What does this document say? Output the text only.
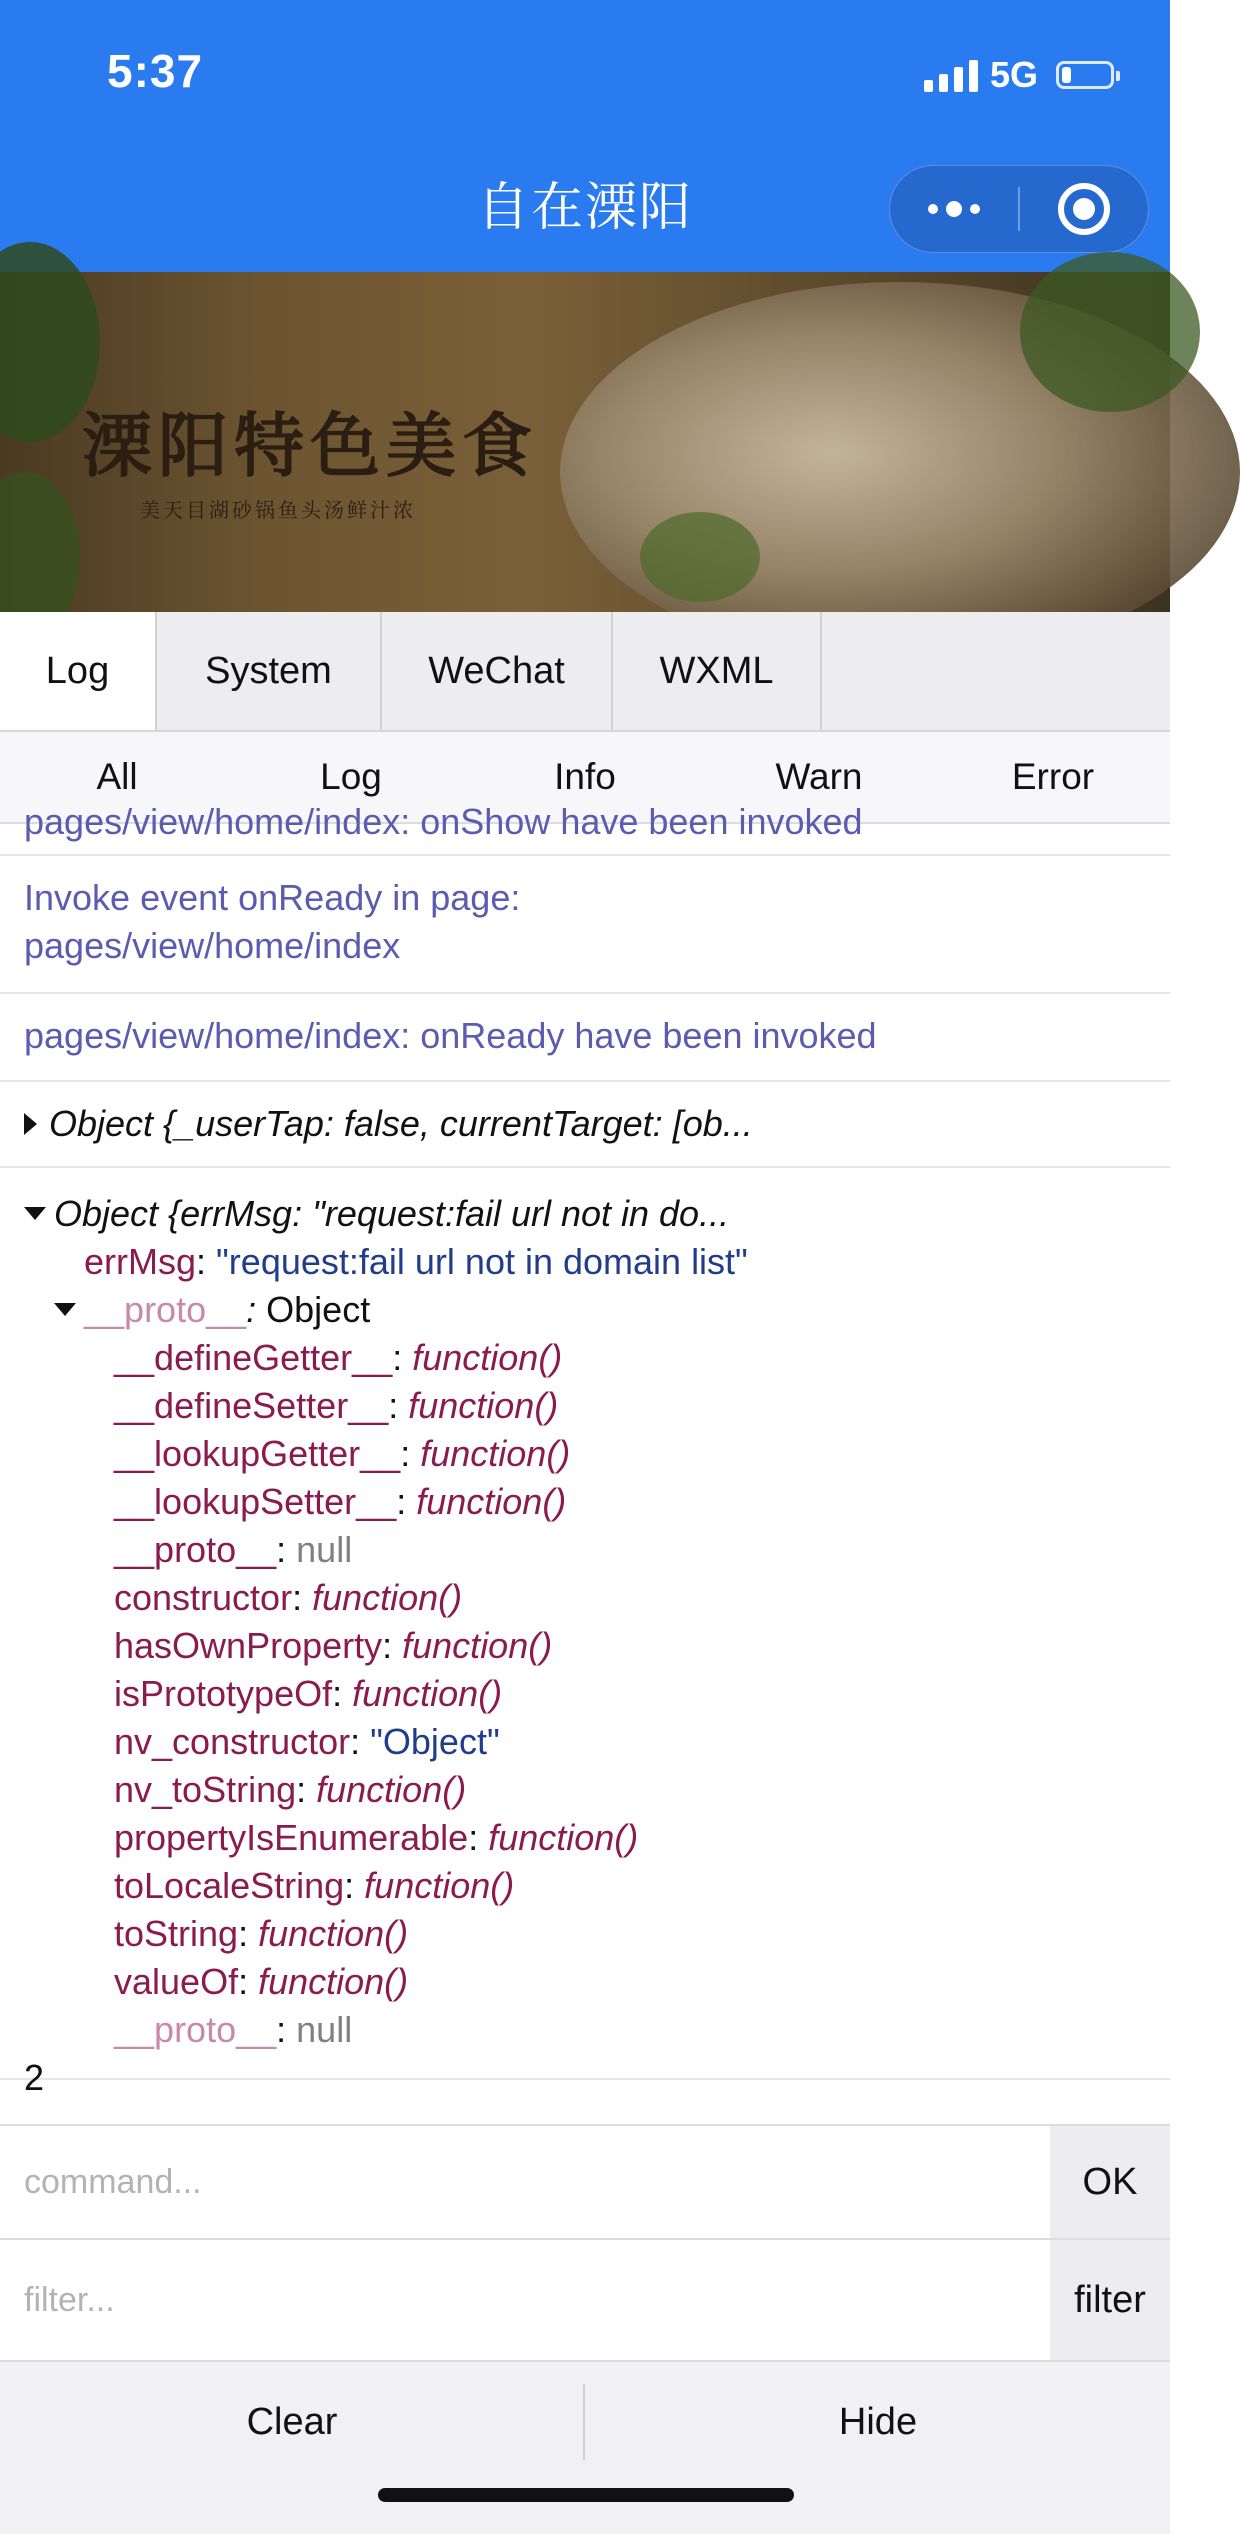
5:37	5G
自在溧阳
溧阳特色美食
美天目湖砂锅鱼头汤鲜汁浓
Log	System	WeChat WXML
All	Log	Info	Warn	Error
pages/view/home/index: onShow have been invoked
Invoke event onReady in page:
pages/view/home/index
pages/view/home/index: onReady have been invoked
Object {_userTap: false, currentTarget: [ob...
Object {errMsg: "request:fail url not in do...
errMsg: "request:fail url not in domain list"
__proto__: Object
__defineGetter__: function()
__defineSetter__: function()
__lookupGetter__: function()
__lookupSetter__: function()
__proto__: null
constructor: function()
hasOwnProperty: function()
isPrototypeOf: function()
nv_constructor: "Object"
nv_toString: function()
propertyIsEnumerable: function()
toLocaleString: function()
toString: function()
valueOf: function()
__proto__: null
2
command...
OK
filter...
filter
Clear	Hide
